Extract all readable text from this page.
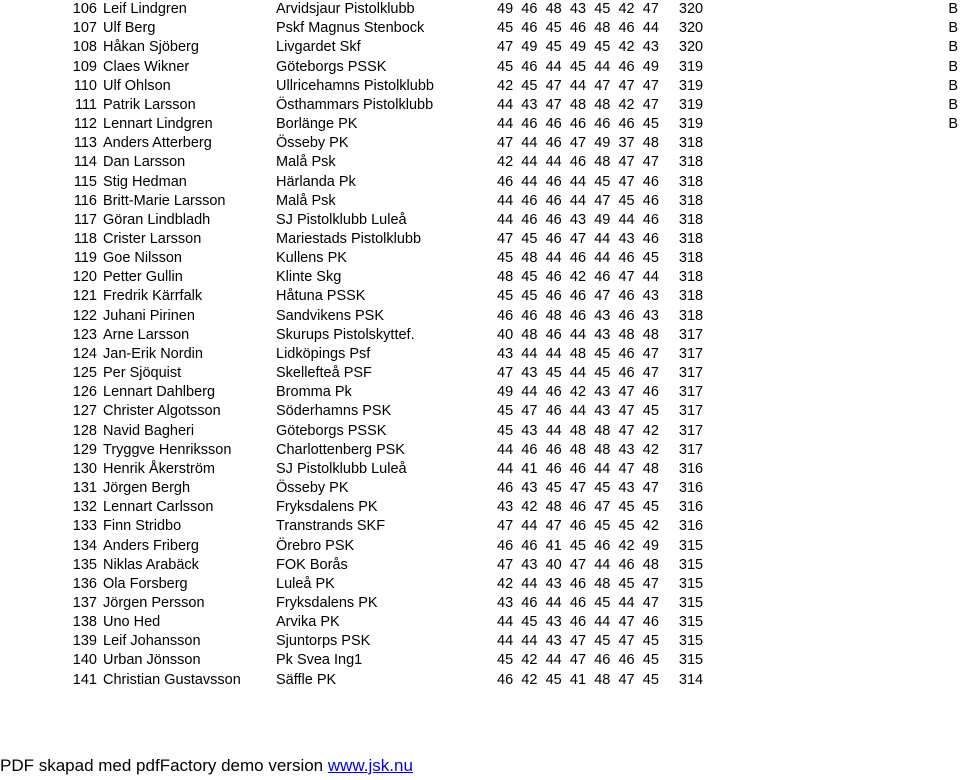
106	Leif Lindgren	Arvidsjaur Pistolklubb	49	46	48	43	45	42	47	320		B
107	Ulf Berg	Pskf Magnus Stenbock	45	46	45	46	48	46	44	320		B
108	Håkan Sjöberg	Livgardet Skf	47	49	45	49	45	42	43	320		B
109	Claes Wikner	Göteborgs PSSK	45	46	44	45	44	46	49	319		B
110	Ulf Ohlson	Ullricehamns Pistolklubb	42	45	47	44	47	47	47	319		B
111	Patrik Larsson	Östhammars Pistolklubb	44	43	47	48	48	42	47	319		B
112	Lennart Lindgren	Borlänge PK	44	46	46	46	46	46	45	319		B
113	Anders Atterberg	Össeby PK	47	44	46	47	49	37	48	318		
114	Dan Larsson	Malå Psk	42	44	44	46	48	47	47	318		
115	Stig Hedman	Härlanda Pk	46	44	46	44	45	47	46	318		
116	Britt-Marie Larsson	Malå Psk	44	46	46	44	47	45	46	318		
117	Göran Lindbladh	SJ Pistolklubb Luleå	44	46	46	43	49	44	46	318		
118	Crister Larsson	Mariestads Pistolklubb	47	45	46	47	44	43	46	318		
119	Goe Nilsson	Kullens PK	45	48	44	46	44	46	45	318		
120	Petter Gullin	Klinte Skg	48	45	46	42	46	47	44	318		
121	Fredrik Kärrfalk	Håtuna PSSK	45	45	46	46	47	46	43	318		
122	Juhani Pirinen	Sandvikens PSK	46	46	48	46	43	46	43	318		
123	Arne Larsson	Skurups Pistolskyttef.	40	48	46	44	43	48	48	317		
124	Jan-Erik Nordin	Lidköpings Psf	43	44	44	48	45	46	47	317		
125	Per Sjöquist	Skellefteå PSF	47	43	45	44	45	46	47	317		
126	Lennart Dahlberg	Bromma Pk	49	44	46	42	43	47	46	317		
127	Christer Algotsson	Söderhamns PSK	45	47	46	44	43	47	45	317		
128	Navid Bagheri	Göteborgs PSSK	45	43	44	48	48	47	42	317		
129	Tryggve Henriksson	Charlottenberg PSK	44	46	46	48	48	43	42	317		
130	Henrik Åkerström	SJ Pistolklubb Luleå	44	41	46	46	44	47	48	316		
131	Jörgen Bergh	Össeby PK	46	43	45	47	45	43	47	316		
132	Lennart Carlsson	Fryksdalens PK	43	42	48	46	47	45	45	316		
133	Finn Stridbo	Transtrands SKF	47	44	47	46	45	45	42	316		
134	Anders Friberg	Örebro PSK	46	46	41	45	46	42	49	315		
135	Niklas Arabäck	FOK Borås	47	43	40	47	44	46	48	315		
136	Ola Forsberg	Luleå PK	42	44	43	46	48	45	47	315		
137	Jörgen Persson	Fryksdalens PK	43	46	44	46	45	44	47	315		
138	Uno Hed	Arvika PK	44	45	43	46	44	47	46	315		
139	Leif Johansson	Sjuntorps PSK	44	44	43	47	45	47	45	315		
140	Urban Jönsson	Pk Svea Ing1	45	42	44	47	46	46	45	315		
141	Christian Gustavsson	Säffle PK	46	42	45	41	48	47	45	314		
PDF skapad med pdfFactory demo version www.jsk.nu
